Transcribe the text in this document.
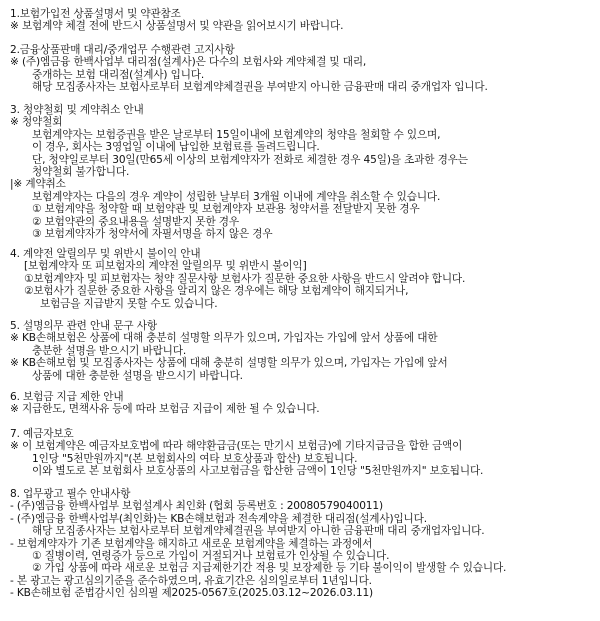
1.보험가입전 상품설명서 및 약관참조
※ 보험계약 체결 전에 반드시 상품설명서 및 약관을 읽어보시기 바랍니다.
2.금융상품판매 대리/중개업무 수행관련 고지사항
※ (주)엠금융 한백사업부 대리점(설계사)은 다수의 보험사와 계약체결 및 대리,
중개하는 보험 대리점(설계사) 입니다.
해당 모집종사자는 보험사로부터 보험계약체결권을 부여받지 아니한 금융판매 대리 중개업자 입니다.
3. 청약철회 및 계약취소 안내
※ 청약철회
보험계약자는 보험증권을 받은 날로부터 15일이내에 보험계약의 청약을 철회할 수 있으며,
이 경우, 회사는 3영업일 이내에 납입한 보험료를 돌려드립니다.
단, 청약일로부터 30일(만65세 이상의 보험계약자가 전화로 체결한 경우 45일)을 초과한 경우는
청약철회 불가합니다.
|※ 계약취소
보험계약자는 다음의 경우 계약이 성립한 날부터 3개월 이내에 계약을 취소할 수 있습니다.
① 보험계약을 청약할 때 보험약관 및 보험계약자 보관용 청약서를 전달받지 못한 경우
② 보험약관의 중요내용을 설명받지 못한 경우
③ 보험계약자가 청약서에 자필서명을 하지 않은 경우
4. 계약전 알릴의무 및 위반시 불이익 안내
[보험계약자 또 피보험자의 계약전 알릴의무 및 위반시 불이익]
①보험계약자 및 피보험자는 청약 질문사항 보험사가 질문한 중요한 사항을 반드시 알려야 합니다.
②보험사가 질문한 중요한 사항을 알리지 않은 경우에는 해당 보험계약이 해지되거나,
보험금을 지급받지 못할 수도 있습니다.
5. 설명의무 관련 안내 문구 사항
※ KB손해보험은 상품에 대해 충분히 설명할 의무가 있으며, 가입자는 가입에 앞서 상품에 대한
충분한 설명을 받으시기 바랍니다.
※ KB손해보험 및 모집종사자는 상품에 대해 충분히 설명할 의무가 있으며, 가입자는 가입에 앞서
상품에 대한 충분한 설명을 받으시기 바랍니다.
6. 보험금 지급 제한 안내
※ 지급한도, 면책사유 등에 따라 보험금 지급이 제한 될 수 있습니다.
7. 예금자보호
※ 이 보험계약은 예금자보호법에 따라 해약환급금(또는 만기시 보험금)에 기타지급금을 합한 금액이
1인당 "5천만원까지"(본 보험회사의 여타 보호상품과 합산) 보호됩니다.
이와 별도로 본 보험회사 보호상품의 사고보험금을 합산한 금액이 1인당 "5천만원까지" 보호됩니다.
8. 업무광고 필수 안내사항
- (주)엠금융 한백사업부 보험설계사 최인화 (협회 등록번호 : 20080579040011)
- (주)엠금융 한백사업부(최인화)는 KB손해보험과 전속계약을 체결한 대리점(설계사)입니다.
해당 모집종사자는 보험사로부터 보험계약체결권을 부여받지 아니한 금융판매 대리 중개업자입니다.
- 보험계약자가 기존 보험계약을 해지하고 새로운 보험계약을 체결하는 과정에서
① 질병이력, 연령증가 등으로 가입이 거절되거나 보험료가 인상될 수 있습니다.
② 가입 상품에 따라 새로운 보험금 지급제한기간 적용 및 보장제한 등 기타 불이익이 발생할 수 있습니다.
- 본 광고는 광고심의기준을 준수하였으며, 유효기간은 심의일로부터 1년입니다.
- KB손해보험 준법감시인 심의필 제2025-0567호(2025.03.12~2026.03.11)
